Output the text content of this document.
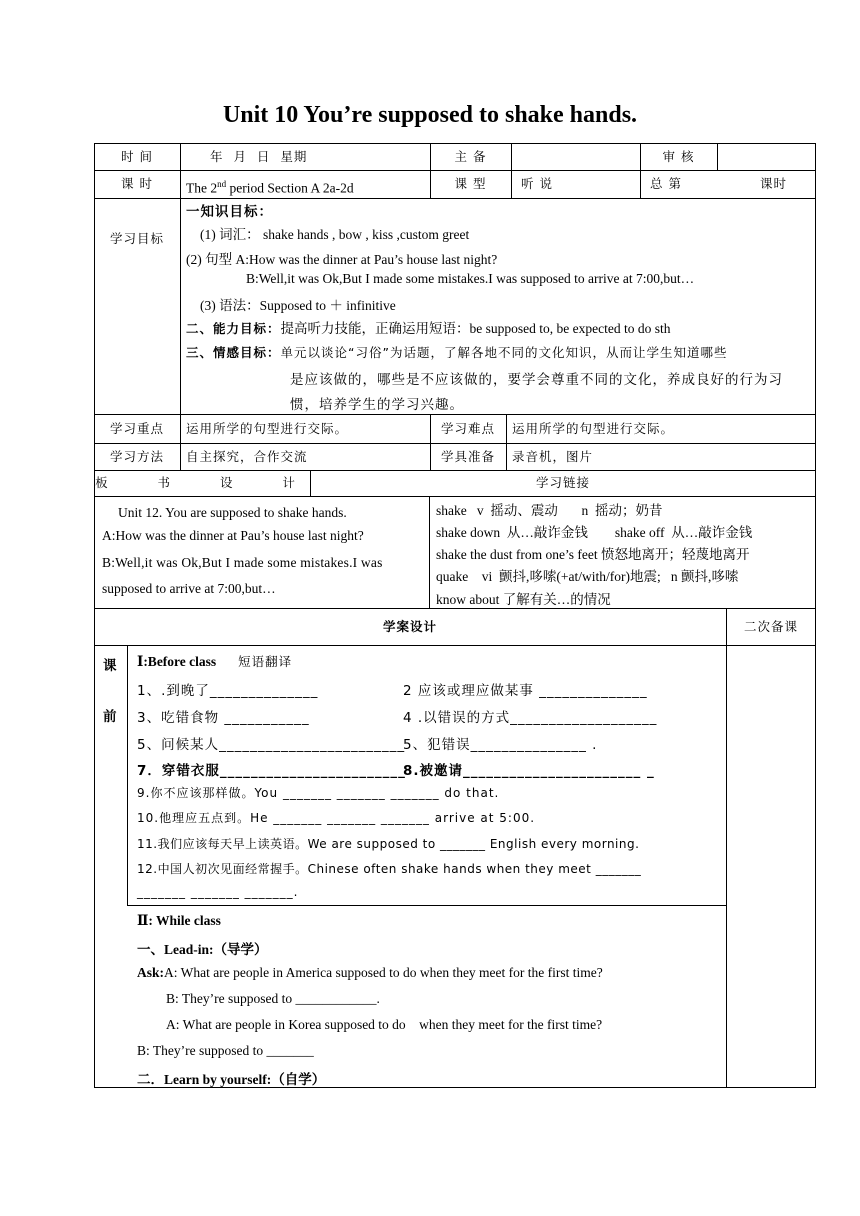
Unit 10 You’re supposed to shake hands.
时 间	年  月  日  星期	主 备	审 核
课 时	The 2nd period Section A 2a-2d	课 型	听 说	总 第	课时
学习目标
一知识目标：
(1) 词汇： shake hands , bow , kiss ,custom greet
(2) 句型 A:How was the dinner at Pau’s house last night?
B:Well,it was Ok,But I made some mistakes.I was supposed to arrive at 7:00,but…
(3) 语法：Supposed to ＋ infinitive
二、能力目标：提高听力技能，正确运用短语：be supposed to, be expected to do sth
三、情感目标：单元以谈论“习俗”为话题，了解各地不同的文化知识，从而让学生知道哪些
是应该做的，哪些是不应该做的，要学会尊重不同的文化，养成良好的行为习
惯，培养学生的学习兴趣。
学习重点	运用所学的句型进行交际。	学习难点	运用所学的句型进行交际。
学习方法	自主探究，合作交流	学具准备	录音机，图片
板  书  设  计	学习链接
Unit 12. You are supposed to shake hands.
A:How was the dinner at Pau’s house last night?
B:Well,it was Ok,But I made some mistakes.I was
supposed to arrive at 7:00,but…
shake   v  摇动、震动       n  摇动；奶昔
shake down  从…敲诈金钱        shake off  从…敲诈金钱
shake the dust from one’s feet 愤怒地离开；轻蔑地离开
quake    vi  颤抖,哆嗦(+at/with/for)地震;   n 颤抖,哆嗦
know about 了解有关…的情况
学案设计	二次备课
课
前
Ⅰ:Before class 短语翻译
1、.到晚了______________	2 应该或理应做某事 ______________
3、吃错食物 ___________	4 .以错误的方式___________________
5、问候某人________________________
5、犯错误_______________ .
7．穿错衣服________________________
8.被邀请_______________________ _
9.你不应该那样做。You _______ _______ _______ do that.
10.他理应五点到。He _______ _______ _______ arrive at 5:00.
11.我们应该每天早上读英语。We are supposed to _______ English every morning.
12.中国人初次见面经常握手。Chinese often shake hands when they meet _______
_______ _______ _______.
Ⅱ: While class
一、Lead-in:（导学）
Ask:A: What are people in America supposed to do when they meet for the first time?
B: They’re supposed to ____________.
A: What are people in Korea supposed to do    when they meet for the first time?
B: They’re supposed to _______
二．Learn by yourself:（自学）
